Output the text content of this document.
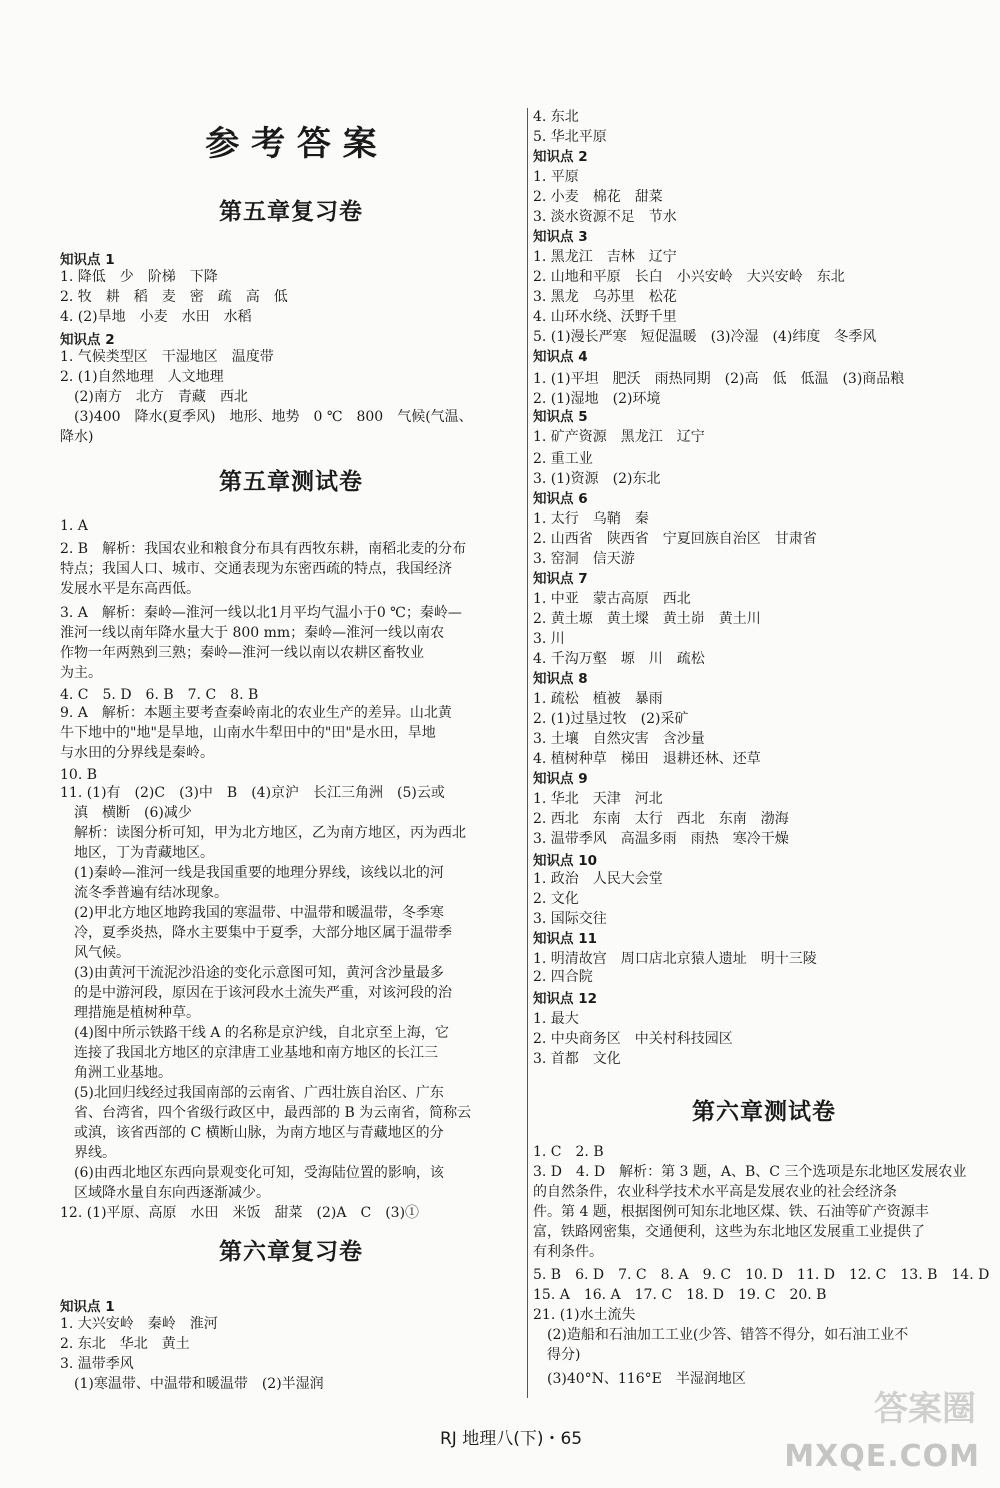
参 考 答 案
第五章复习卷
知识点 1
1. 降低　少　阶梯　下降
2. 牧　耕　稻　麦　密　疏　高　低
4. (2)旱地　小麦　水田　水稻
知识点 2
1. 气候类型区　干湿地区　温度带
2. (1)自然地理　人文地理
　(2)南方　北方　青藏　西北
　(3)400　降水(夏季风)　地形、地势　0 ℃　800　气候(气温、
降水)
第五章测试卷
1. A
2. B　解析：我国农业和粮食分布具有西牧东耕，南稻北麦的分布
特点；我国人口、城市、交通表现为东密西疏的特点，我国经济
发展水平是东高西低。
3. A　解析：秦岭—淮河一线以北1月平均气温小于0 ℃；秦岭—
淮河一线以南年降水量大于 800 mm；秦岭—淮河一线以南农
作物一年两熟到三熟；秦岭—淮河一线以南以农耕区畜牧业
为主。
4. C　5. D　6. B　7. C　8. B
9. A　解析：本题主要考查秦岭南北的农业生产的差异。山北黄
牛下地中的"地"是旱地，山南水牛犁田中的"田"是水田，旱地
与水田的分界线是秦岭。
10. B
11. (1)有　(2)C　(3)中　B　(4)京沪　长江三角洲　(5)云或
　滇　横断　(6)减少
　解析：读图分析可知，甲为北方地区，乙为南方地区，丙为西北
　地区，丁为青藏地区。
　(1)秦岭—淮河一线是我国重要的地理分界线，该线以北的河
　流冬季普遍有结冰现象。
　(2)甲北方地区地跨我国的寒温带、中温带和暖温带，冬季寒
　冷，夏季炎热，降水主要集中于夏季，大部分地区属于温带季
　风气候。
　(3)由黄河干流泥沙沿途的变化示意图可知，黄河含沙量最多
　的是中游河段，原因在于该河段水土流失严重，对该河段的治
　理措施是植树种草。
　(4)图中所示铁路干线 A 的名称是京沪线，自北京至上海，它
　连接了我国北方地区的京津唐工业基地和南方地区的长江三
　角洲工业基地。
　(5)北回归线经过我国南部的云南省、广西壮族自治区、广东
　省、台湾省，四个省级行政区中，最西部的 B 为云南省，简称云
　或滇，该省西部的 C 横断山脉，为南方地区与青藏地区的分
　界线。
　(6)由西北地区东西向景观变化可知，受海陆位置的影响，该
　区域降水量自东向西逐渐减少。
12. (1)平原、高原　水田　米饭　甜菜　(2)A　C　(3)①
第六章复习卷
知识点 1
1. 大兴安岭　秦岭　淮河
2. 东北　华北　黄土
3. 温带季风
　(1)寒温带、中温带和暖温带　(2)半湿润
4. 东北
5. 华北平原
知识点 2
1. 平原
2. 小麦　棉花　甜菜
3. 淡水资源不足　节水
知识点 3
1. 黑龙江　吉林　辽宁
2. 山地和平原　长白　小兴安岭　大兴安岭　东北
3. 黑龙　乌苏里　松花
4. 山环水绕、沃野千里
5. (1)漫长严寒　短促温暖　(3)冷湿　(4)纬度　冬季风
知识点 4
1. (1)平坦　肥沃　雨热同期　(2)高　低　低温　(3)商品粮
2. (1)湿地　(2)环境
知识点 5
1. 矿产资源　黑龙江　辽宁
2. 重工业
3. (1)资源　(2)东北
知识点 6
1. 太行　乌鞘　秦
2. 山西省　陕西省　宁夏回族自治区　甘肃省
3. 窑洞　信天游
知识点 7
1. 中亚　蒙古高原　西北
2. 黄土塬　黄土墚　黄土峁　黄土川
3. 川
4. 千沟万壑　塬　川　疏松
知识点 8
1. 疏松　植被　暴雨
2. (1)过垦过牧　(2)采矿
3. 土壤　自然灾害　含沙量
4. 植树种草　梯田　退耕还林、还草
知识点 9
1. 华北　天津　河北
2. 西北　东南　太行　西北　东南　渤海
3. 温带季风　高温多雨　雨热　寒冷干燥
知识点 10
1. 政治　人民大会堂
2. 文化
3. 国际交往
知识点 11
1. 明清故宫　周口店北京猿人遗址　明十三陵
2. 四合院
知识点 12
1. 最大
2. 中央商务区　中关村科技园区
3. 首都　文化
第六章测试卷
1. C　2. B
3. D　4. D　解析：第 3 题，A、B、C 三个选项是东北地区发展农业
的自然条件，农业科学技术水平高是发展农业的社会经济条
件。第 4 题，根据图例可知东北地区煤、铁、石油等矿产资源丰
富，铁路网密集，交通便利，这些为东北地区发展重工业提供了
有利条件。
5. B　6. D　7. C　8. A　9. C　10. D　11. D　12. C　13. B　14. D
15. A　16. A　17. C　18. D　19. C　20. B
21. (1)水土流失
　(2)造船和石油加工工业(少答、错答不得分，如石油工业不
　得分)
　(3)40°N、116°E　半湿润地区
RJ 地理八(下)・65
答案圈
MXQE.COM
